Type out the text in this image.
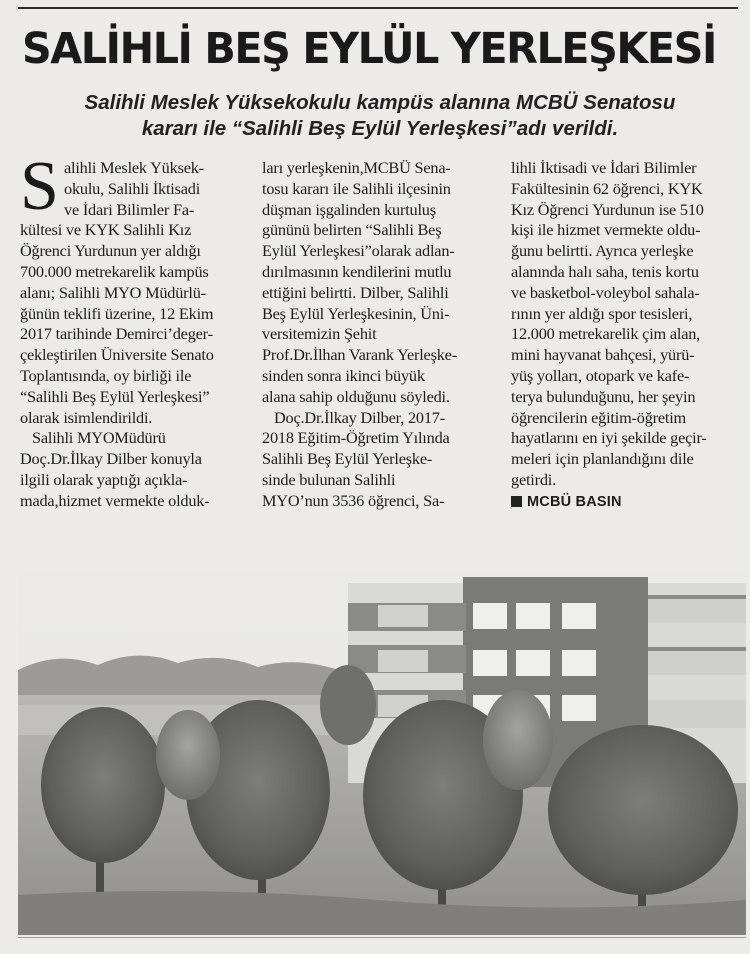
SALİHLİ BEŞ EYLÜL YERLEŞKESİ
Salihli Meslek Yüksekokulu kampüs alanına MCBÜ Senatosu
kararı ile “Salihli Beş Eylül Yerleşkesi”adı verildi.
S alihli Meslek Yüksek-
okulu, Salihli İktisadi
ve İdari Bilimler Fa-
kültesi ve KYK Salihli Kız
Öğrenci Yurdunun yer aldığı
700.000 metrekarelik kampüs
alanı; Salihli MYO Müdürlü-
ğünün teklifi üzerine, 12 Ekim
2017 tarihinde Demirci’deger-
çekleştirilen Üniversite Senato
Toplantısında, oy birliği ile
“Salihli Beş Eylül Yerleşkesi”
olarak isimlendirildi.
Salihli MYOMüdürü
Doç.Dr.İlkay Dilber konuyla
ilgili olarak yaptığı açıkla-
mada,hizmet vermekte olduk-
ları yerleşkenin,MCBÜ Sena-
tosu kararı ile Salihli ilçesinin
düşman işgalinden kurtuluş
gününü belirten “Salihli Beş
Eylül Yerleşkesi”olarak adlan-
dırılmasının kendilerini mutlu
ettiğini belirtti. Dilber, Salihli
Beş Eylül Yerleşkesinin, Üni-
versitemizin Şehit
Prof.Dr.İlhan Varank Yerleşke-
sinden sonra ikinci büyük
alana sahip olduğunu söyledi.
Doç.Dr.İlkay Dilber, 2017-
2018 Eğitim-Öğretim Yılında
Salihli Beş Eylül Yerleşke-
sinde bulunan Salihli
MYO’nun 3536 öğrenci, Sa-
lihli İktisadi ve İdari Bilimler
Fakültesinin 62 öğrenci, KYK
Kız Öğrenci Yurdunun ise 510
kişi ile hizmet vermekte oldu-
ğunu belirtti. Ayrıca yerleşke
alanında halı saha, tenis kortu
ve basketbol-voleybol sahala-
rının yer aldığı spor tesisleri,
12.000 metrekarelik çim alan,
mini hayvanat bahçesi, yürü-
yüş yolları, otopark ve kafe-
terya bulunduğunu, her şeyin
öğrencilerin eğitim-öğretim
hayatlarını en iyi şekilde geçir-
meleri için planlandığını dile
getirdi.
MCBÜ BASIN
